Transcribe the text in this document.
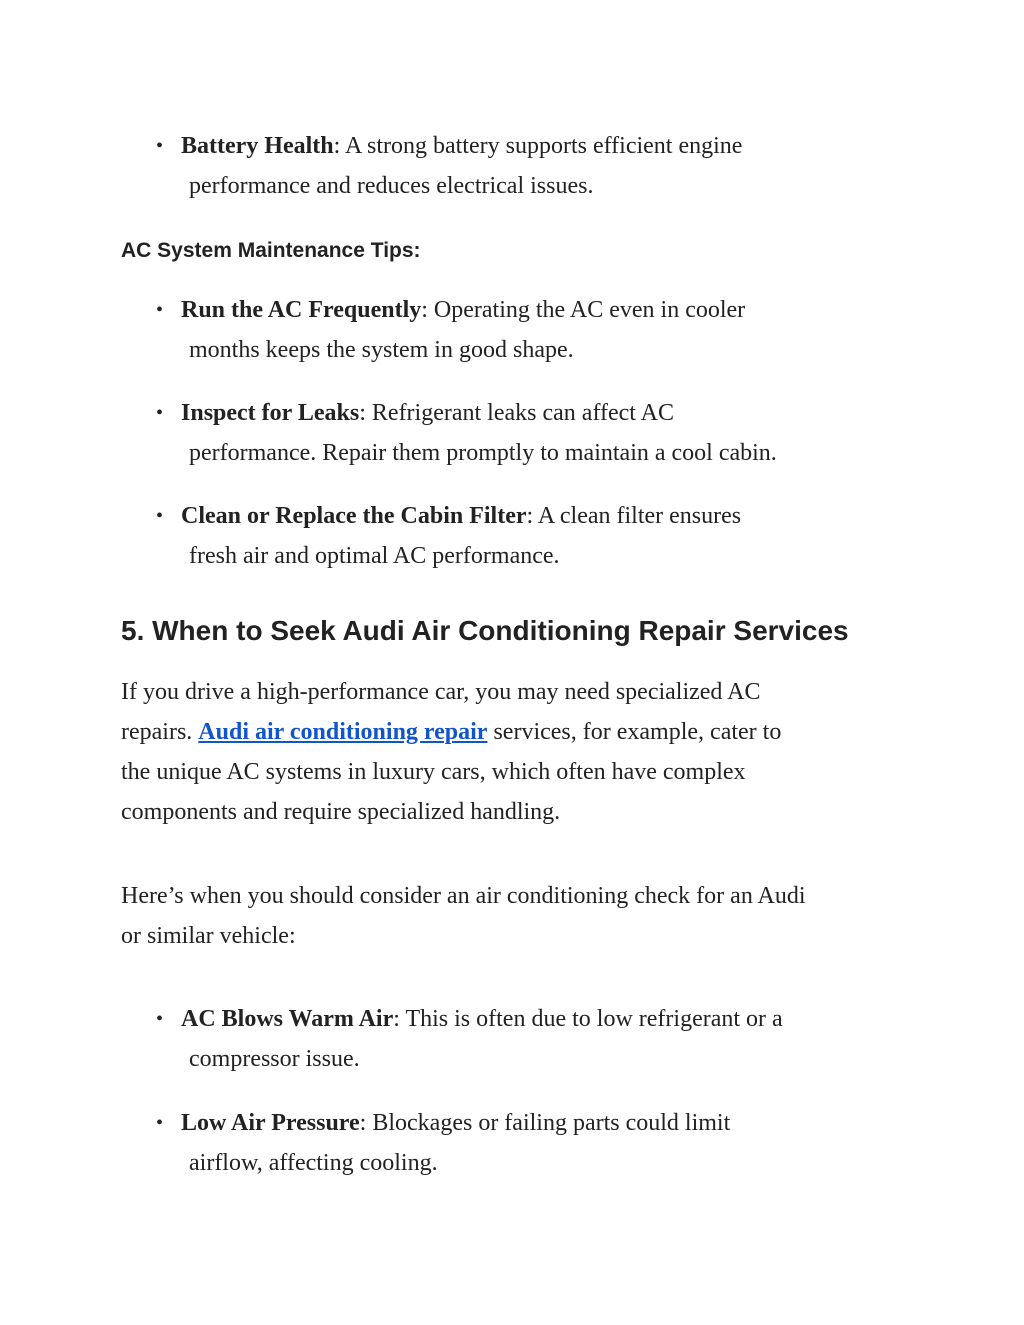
• Battery Health: A strong battery supports efficient engine
performance and reduces electrical issues.
AC System Maintenance Tips:
• Run the AC Frequently: Operating the AC even in cooler
months keeps the system in good shape.
• Inspect for Leaks: Refrigerant leaks can affect AC
performance. Repair them promptly to maintain a cool cabin.
• Clean or Replace the Cabin Filter: A clean filter ensures
fresh air and optimal AC performance.
5. When to Seek Audi Air Conditioning Repair Services
If you drive a high-performance car, you may need specialized AC
repairs. Audi air conditioning repair services, for example, cater to
the unique AC systems in luxury cars, which often have complex
components and require specialized handling.
Here’s when you should consider an air conditioning check for an Audi
or similar vehicle:
• AC Blows Warm Air: This is often due to low refrigerant or a
compressor issue.
• Low Air Pressure: Blockages or failing parts could limit
airflow, affecting cooling.
